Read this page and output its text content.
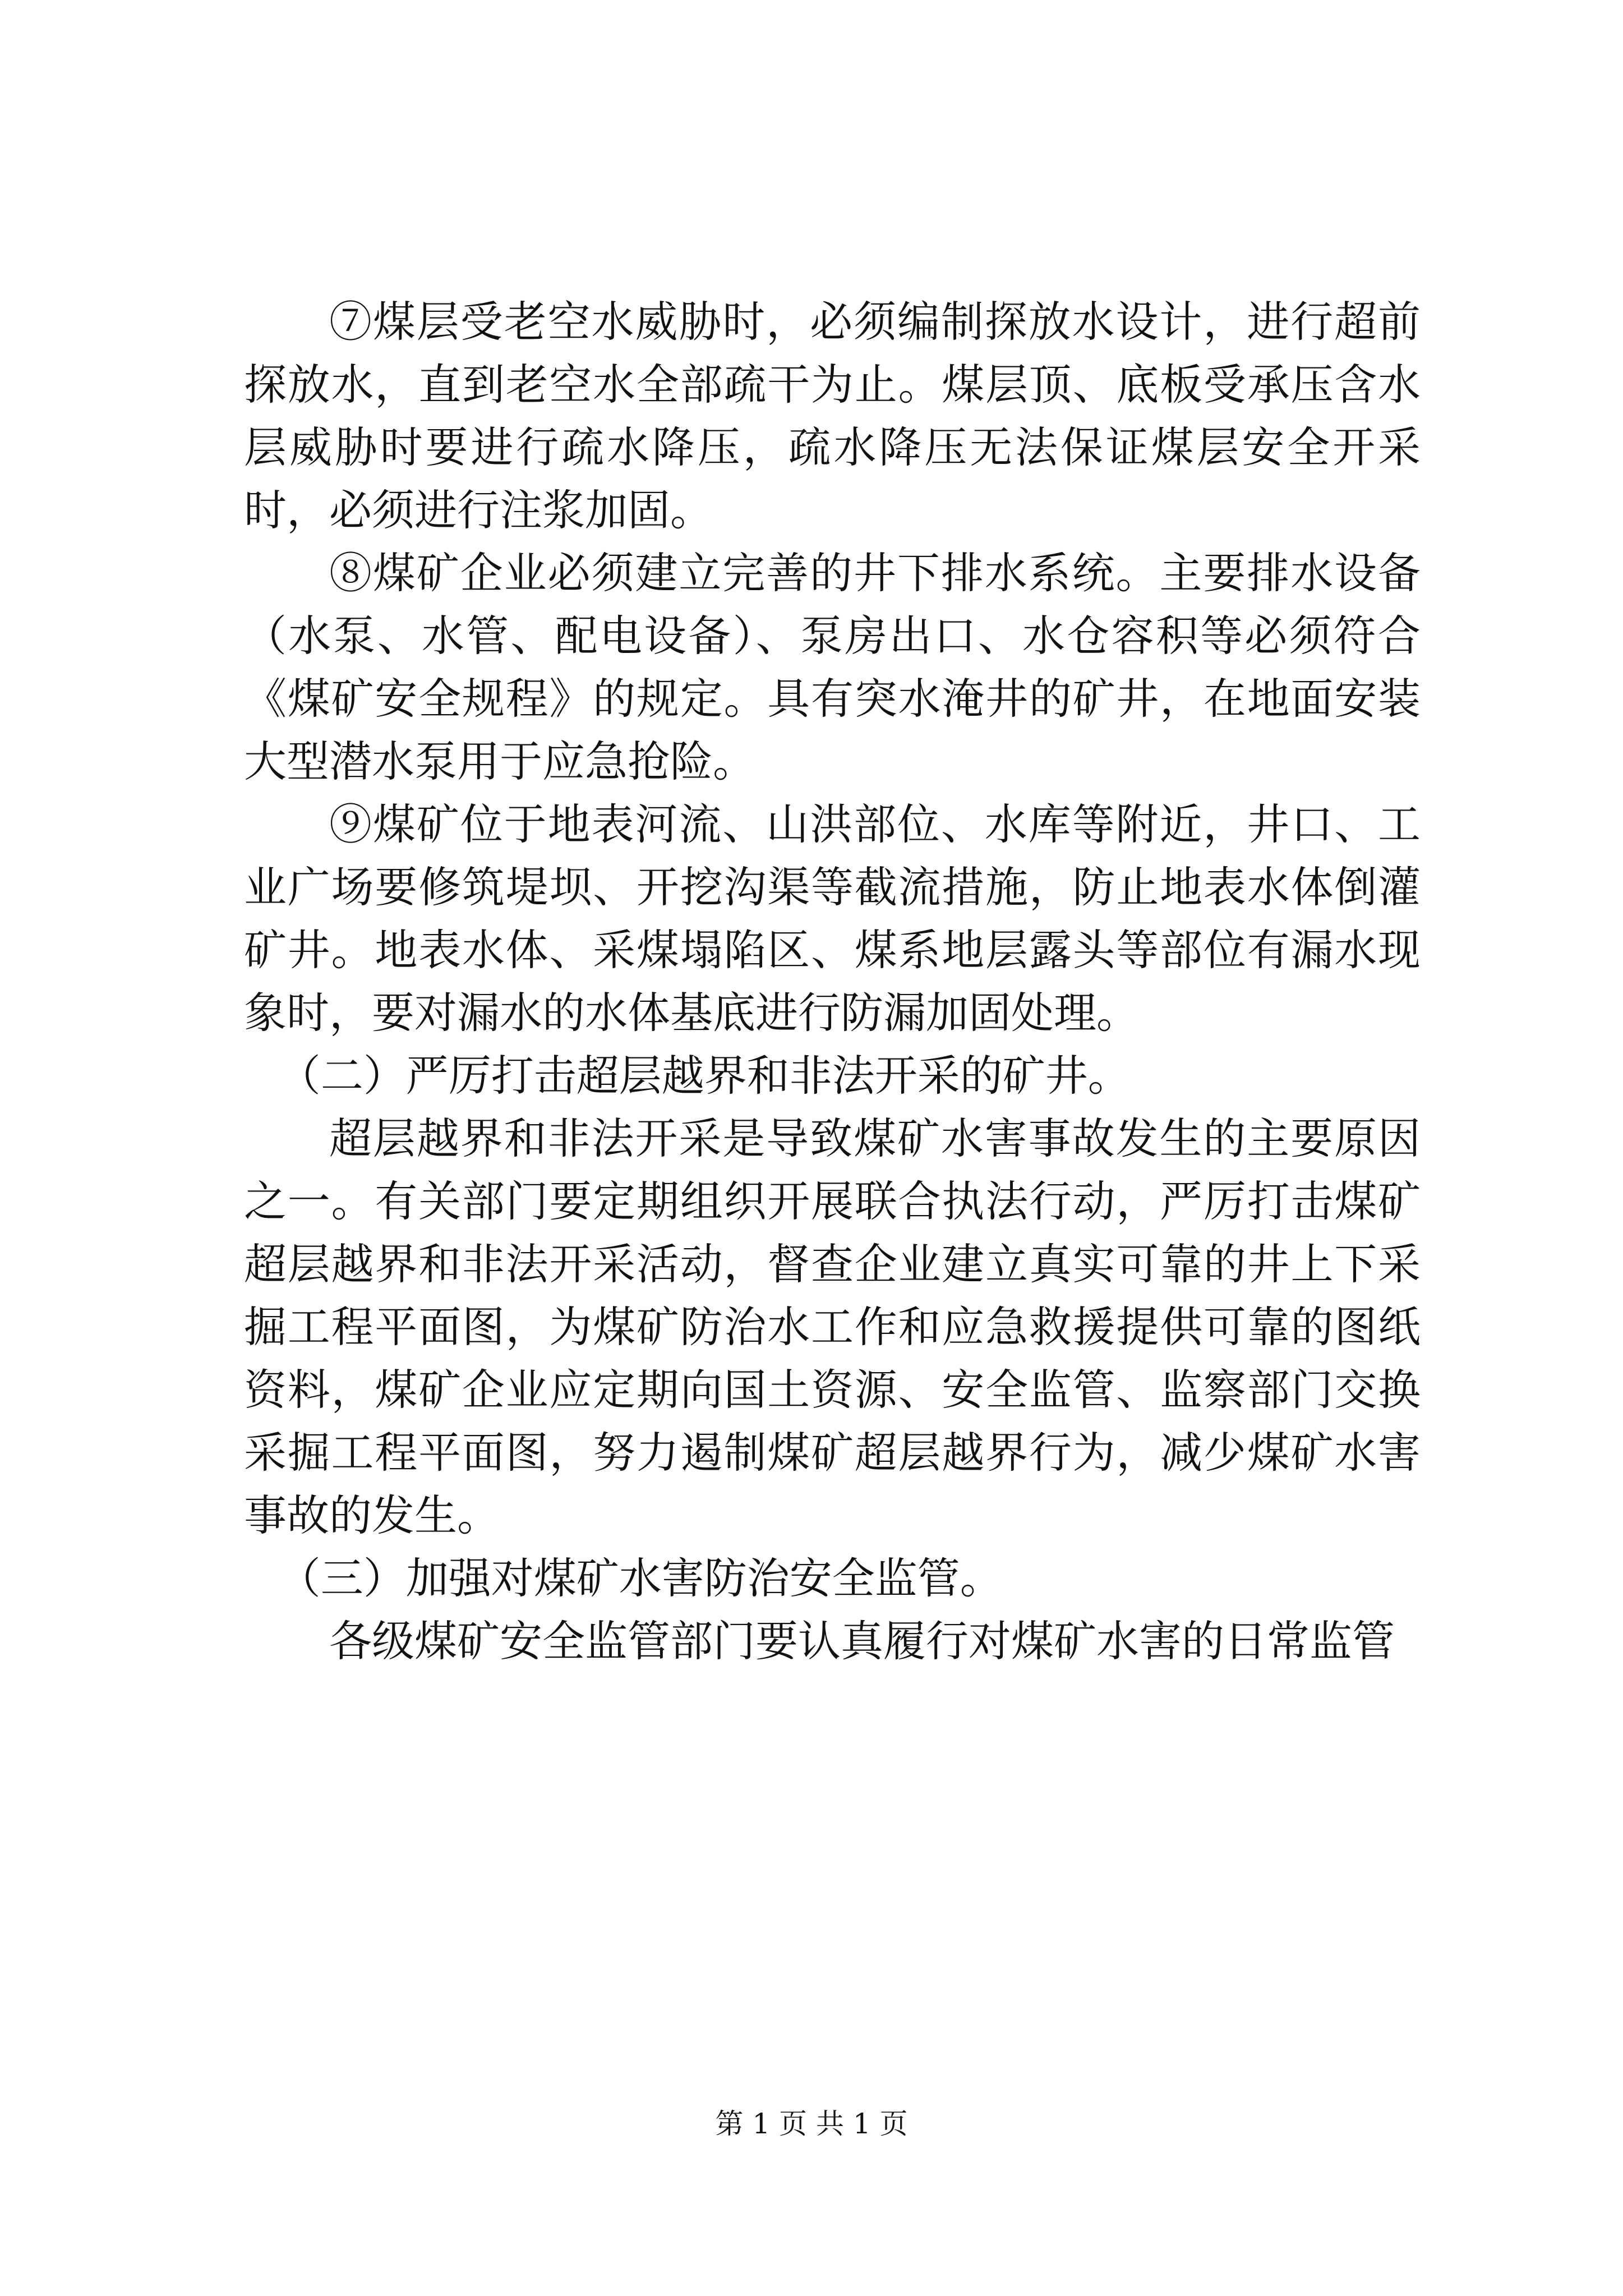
⑦煤层受老空水威胁时，必须编制探放水设计，进行超前探放水，直到老空水全部疏干为止。煤层顶、底板受承压含水层威胁时要进行疏水降压，疏水降压无法保证煤层安全开采时，必须进行注浆加固。

⑧煤矿企业必须建立完善的井下排水系统。主要排水设备（水泵、水管、配电设备）、泵房出口、水仓容积等必须符合《煤矿安全规程》的规定。具有突水淹井的矿井，在地面安装大型潜水泵用于应急抢险。

⑨煤矿位于地表河流、山洪部位、水库等附近，井口、工业广场要修筑堤坝、开挖沟渠等截流措施，防止地表水体倒灌矿井。地表水体、采煤塌陷区、煤系地层露头等部位有漏水现象时，要对漏水的水体基底进行防漏加固处理。

（二）严厉打击超层越界和非法开采的矿井。

超层越界和非法开采是导致煤矿水害事故发生的主要原因之一。有关部门要定期组织开展联合执法行动，严厉打击煤矿超层越界和非法开采活动，督查企业建立真实可靠的井上下采掘工程平面图，为煤矿防治水工作和应急救援提供可靠的图纸资料，煤矿企业应定期向国土资源、安全监管、监察部门交换采掘工程平面图，努力遏制煤矿超层越界行为，减少煤矿水害事故的发生。

（三）加强对煤矿水害防治安全监管。

各级煤矿安全监管部门要认真履行对煤矿水害的日常监管

第 1 页 共 1 页
